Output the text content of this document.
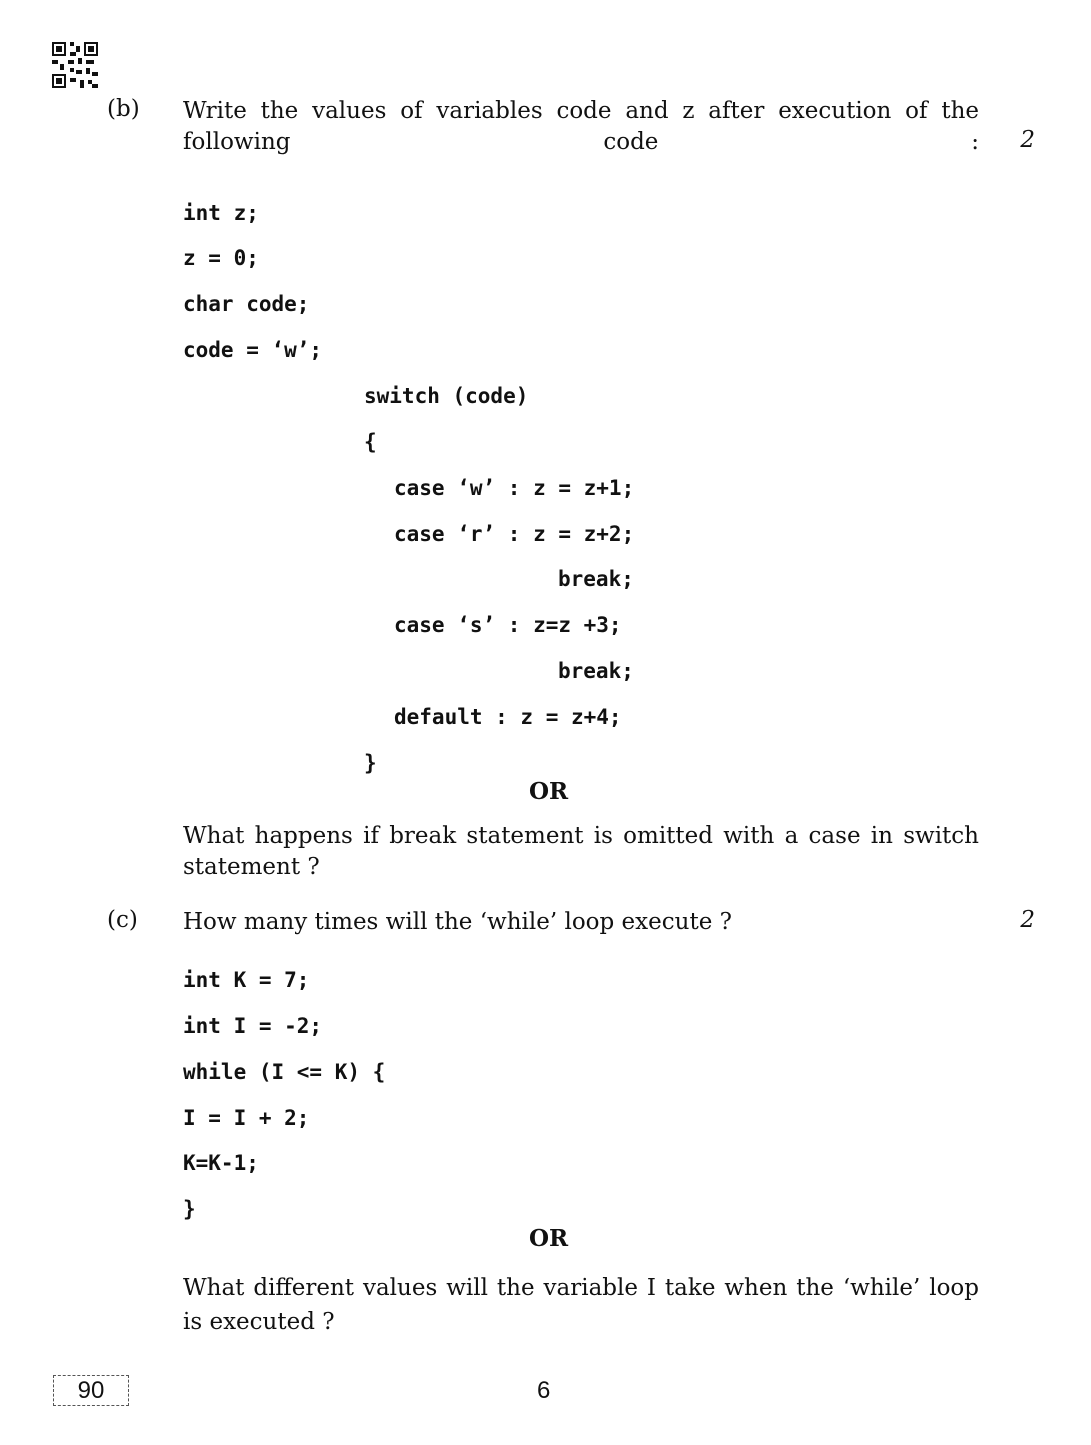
(b) Write the values of variables code and z after execution of the following code : 2
int z;
z = 0;
char code;
code = ‘w’;
switch (code)
{
case ‘w’ : z = z+1;
case ‘r’ : z = z+2;
break;
case ‘s’ : z=z +3;
break;
default : z = z+4;
}
OR

What happens if break statement is omitted with a case in switch statement ?

(c) How many times will the ‘while’ loop execute ?	2
int K = 7;
int I = -2;
while (I <= K) {
I = I + 2;
K=K-1;
}
OR

What different values will the variable I take when the ‘while’ loop is executed ?

90	6
